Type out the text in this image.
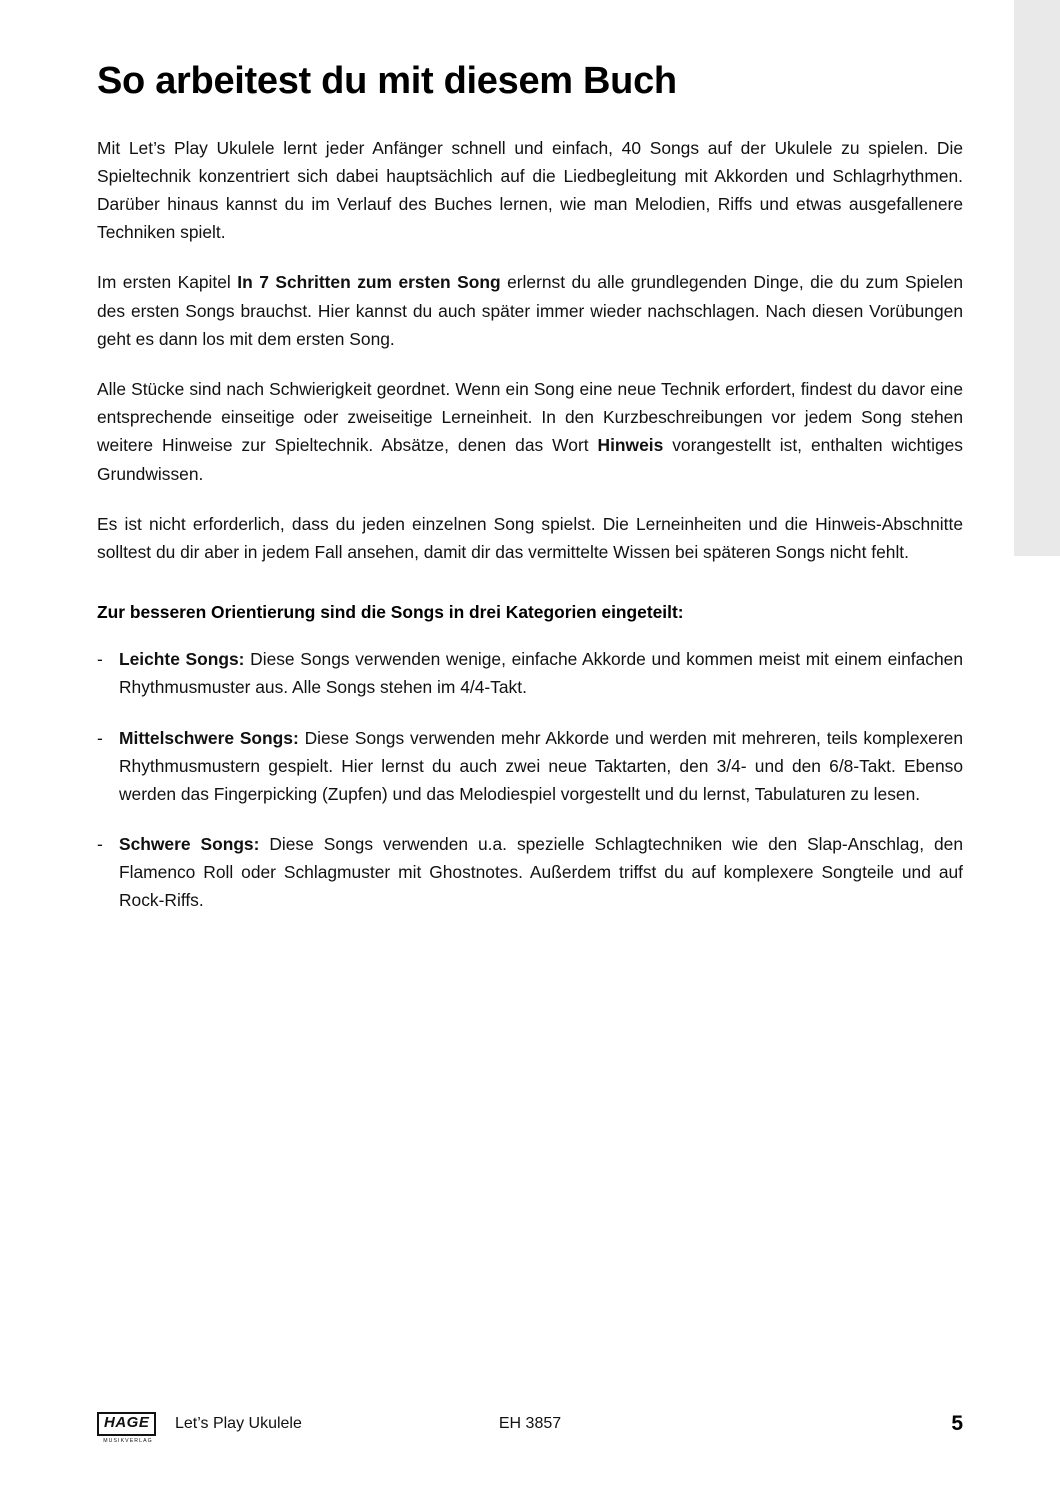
So arbeitest du mit diesem Buch

Mit Let’s Play Ukulele lernt jeder Anfänger schnell und einfach, 40 Songs auf der Ukulele zu spielen. Die Spieltechnik konzentriert sich dabei hauptsächlich auf die Liedbegleitung mit Akkorden und Schlagrhythmen. Darüber hinaus kannst du im Verlauf des Buches lernen, wie man Melodien, Riffs und etwas ausgefallenere Techniken spielt.

Im ersten Kapitel In 7 Schritten zum ersten Song erlernst du alle grundlegenden Dinge, die du zum Spielen des ersten Songs brauchst. Hier kannst du auch später immer wieder nachschlagen. Nach diesen Vorübungen geht es dann los mit dem ersten Song.

Alle Stücke sind nach Schwierigkeit geordnet. Wenn ein Song eine neue Technik erfordert, findest du davor eine entsprechende einseitige oder zweiseitige Lerneinheit. In den Kurzbeschreibungen vor jedem Song stehen weitere Hinweise zur Spieltechnik. Absätze, denen das Wort Hinweis vorangestellt ist, enthalten wichtiges Grundwissen.

Es ist nicht erforderlich, dass du jeden einzelnen Song spielst. Die Lerneinheiten und die Hinweis-Abschnitte solltest du dir aber in jedem Fall ansehen, damit dir das vermittelte Wissen bei späteren Songs nicht fehlt.

Zur besseren Orientierung sind die Songs in drei Kategorien eingeteilt:

- Leichte Songs: Diese Songs verwenden wenige, einfache Akkorde und kommen meist mit einem einfachen Rhythmusmuster aus. Alle Songs stehen im 4/4-Takt.
- Mittelschwere Songs: Diese Songs verwenden mehr Akkorde und werden mit mehreren, teils komplexeren Rhythmusmustern gespielt. Hier lernst du auch zwei neue Taktarten, den 3/4- und den 6/8-Takt. Ebenso werden das Fingerpicking (Zupfen) und das Melodiespiel vorgestellt und du lernst, Tabulaturen zu lesen.
- Schwere Songs: Diese Songs verwenden u.a. spezielle Schlagtechniken wie den Slap-Anschlag, den Flamenco Roll oder Schlagmuster mit Ghostnotes. Außerdem triffst du auf komplexere Songteile und auf Rock-Riffs.
HAGE
MUSIKVERLAG
Let’s Play Ukulele	EH 3857	5
